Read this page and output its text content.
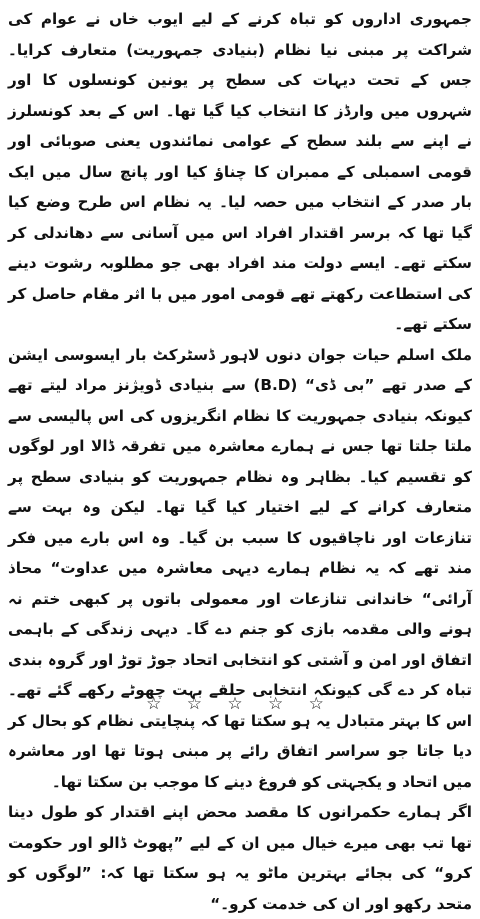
جمہوری اداروں کو تباہ کرنے کے لیے ایوب خاں نے عوام کی شراکت پر مبنی نیا نظام (بنیادی جمہوریت) متعارف کرایا۔ جس کے تحت دیہات کی سطح پر یونین کونسلوں کا اور شہروں میں وارڈز کا انتخاب کیا گیا تھا۔ اس کے بعد کونسلرز نے اپنے سے بلند سطح کے عوامی نمائندوں یعنی صوبائی اور قومی اسمبلی کے ممبران کا چناؤ کیا اور پانچ سال میں ایک بار صدر کے انتخاب میں حصہ لیا۔ یہ نظام اس طرح وضع کیا گیا تھا کہ برسر اقتدار افراد اس میں آسانی سے دھاندلی کر سکتے تھے۔ ایسے دولت مند افراد بھی جو مطلوبہ رشوت دینے کی استطاعت رکھتے تھے قومی امور میں با اثر مقام حاصل کر سکتے تھے۔

ملک اسلم حیات جوان دنوں لاہور ڈسٹرکٹ بار ایسوسی ایشن کے صدر تھے ”بی ڈی“ (B.D) سے بنیادی ڈویژنز مراد لیتے تھے کیونکہ بنیادی جمہوریت کا نظام انگریزوں کی اس پالیسی سے ملتا جلتا تھا جس نے ہمارے معاشرہ میں تفرقہ ڈالا اور لوگوں کو تقسیم کیا۔ بظاہر وہ نظام جمہوریت کو بنیادی سطح پر متعارف کرانے کے لیے اختیار کیا گیا تھا۔ لیکن وہ بہت سے تنازعات اور ناچاقیوں کا سبب بن گیا۔ وہ اس بارے میں فکر مند تھے کہ یہ نظام ہمارے دیہی معاشرہ میں عداوت“ محاذ آرائی“ خاندانی تنازعات اور معمولی باتوں پر کبھی ختم نہ ہونے والی مقدمہ بازی کو جنم دے گا۔ دیہی زندگی کے باہمی اتفاق اور امن و آشتی کو انتخابی اتحاد جوڑ توڑ اور گروہ بندی تباہ کر دے گی کیونکہ انتخابی حلقے بہت چھوٹے رکھے گئے تھے۔ اس کا بہتر متبادل یہ ہو سکتا تھا کہ پنچایتی نظام کو بحال کر دیا جاتا جو سراسر اتفاق رائے پر مبنی ہوتا تھا اور معاشرہ میں اتحاد و یکجہتی کو فروغ دینے کا موجب بن سکتا تھا۔

اگر ہمارے حکمرانوں کا مقصد محض اپنے اقتدار کو طول دینا تھا تب بھی میرے خیال میں ان کے لیے ”پھوٹ ڈالو اور حکومت کرو“ کی بجائے بہترین ماٹو یہ ہو سکتا تھا کہ: ”لوگوں کو متحد رکھو اور ان کی خدمت کرو۔“

☆ ☆ ☆ ☆ ☆
